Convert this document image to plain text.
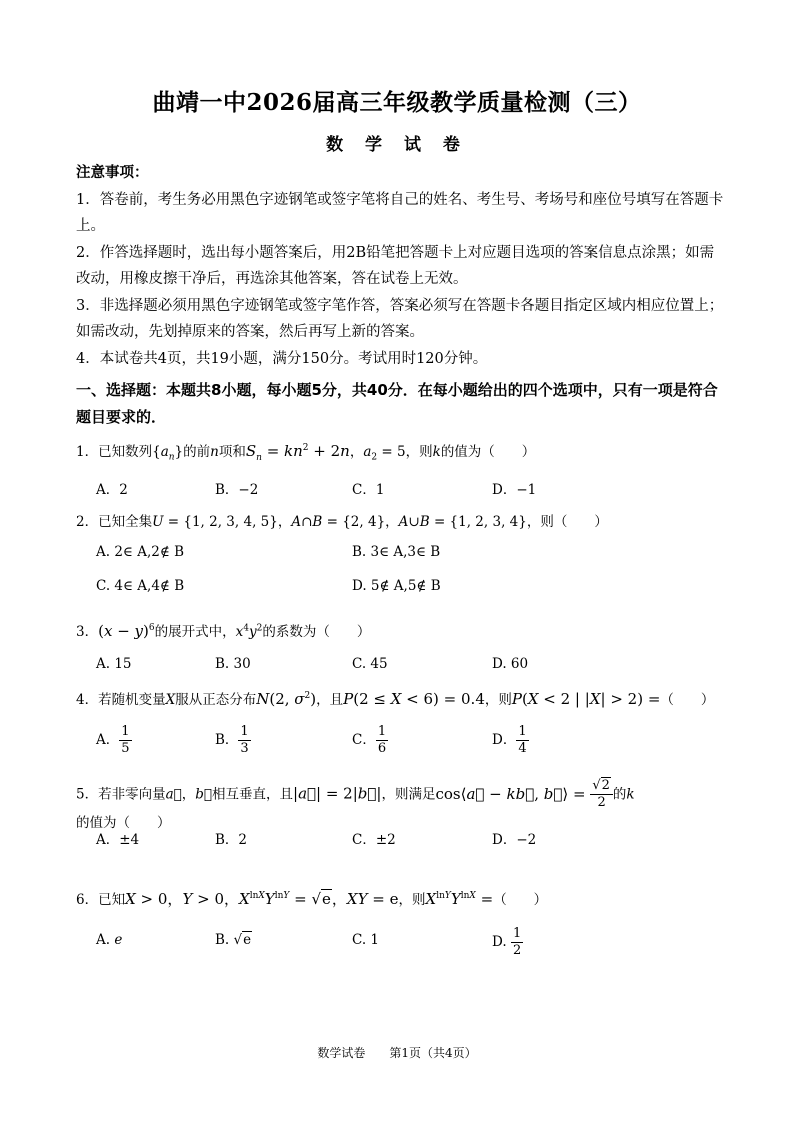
曲靖一中2026届高三年级教学质量检测（三）
数 学 试 卷
注意事项：
1．答卷前，考生务必用黑色字迹钢笔或签字笔将自己的姓名、考生号、考场号和座位号填写在答题卡上。
2．作答选择题时，选出每小题答案后，用2B铅笔把答题卡上对应题目选项的答案信息点涂黑；如需改动，用橡皮擦干净后，再选涂其他答案，答在试卷上无效。
3．非选择题必须用黑色字迹钢笔或签字笔作答，答案必须写在答题卡各题目指定区域内相应位置上；如需改动，先划掉原来的答案，然后再写上新的答案。
4．本试卷共4页，共19小题，满分150分。考试用时120分钟。
一、选择题：本题共8小题，每小题5分，共40分．在每小题给出的四个选项中，只有一项是符合题目要求的．
1．已知数列$\{a_n\}$的前n项和$S_n = kn^2 + 2n$，$a_2 = 5$，则k的值为（　　）
A．2	B．−2	C．1	D．−1
2．已知全集U = {1, 2, 3, 4, 5}，A∩B = {2, 4}，A∪B = {1, 2, 3, 4}，则（　　）
A. 2∈ A,2∉ B	B. 3∈ A,3∈ B
C. 4∈ A,4∉ B	D. 5∉ A,5∉ B
3．$(x - y)^6$的展开式中，$x^4y^2$的系数为（　　）
A. 15	B. 30	C. 45	D. 60
4．若随机变量X服从正态分布N(2, $\sigma^2$)，且P(2 ≤ X < 6) = 0.4，则P(X < 2 | |X| > 2) =（　　）
A． $\frac{1}{5}$	B． $\frac{1}{3}$	C． $\frac{1}{6}$	D． $\frac{1}{4}$
5．若非零向量a⃗，b⃗相互垂直，且|a⃗| = 2|b⃗|，则满足cos⟨a⃗ − kb⃗, b⃗⟩ = $\frac{√2}{2}$ 的k的值为（　　）
A．±4	B．2	C．±2	D．−2
6．已知X > 0，Y > 0，$X^{lnX}Y^{lnY} = √e$，XY = e，则$X^{lnY}Y^{lnX}$ =（　　）
A. e	B. √e	C. 1	D. $\frac{1}{2}$
数学试卷　　第1页（共4页）
